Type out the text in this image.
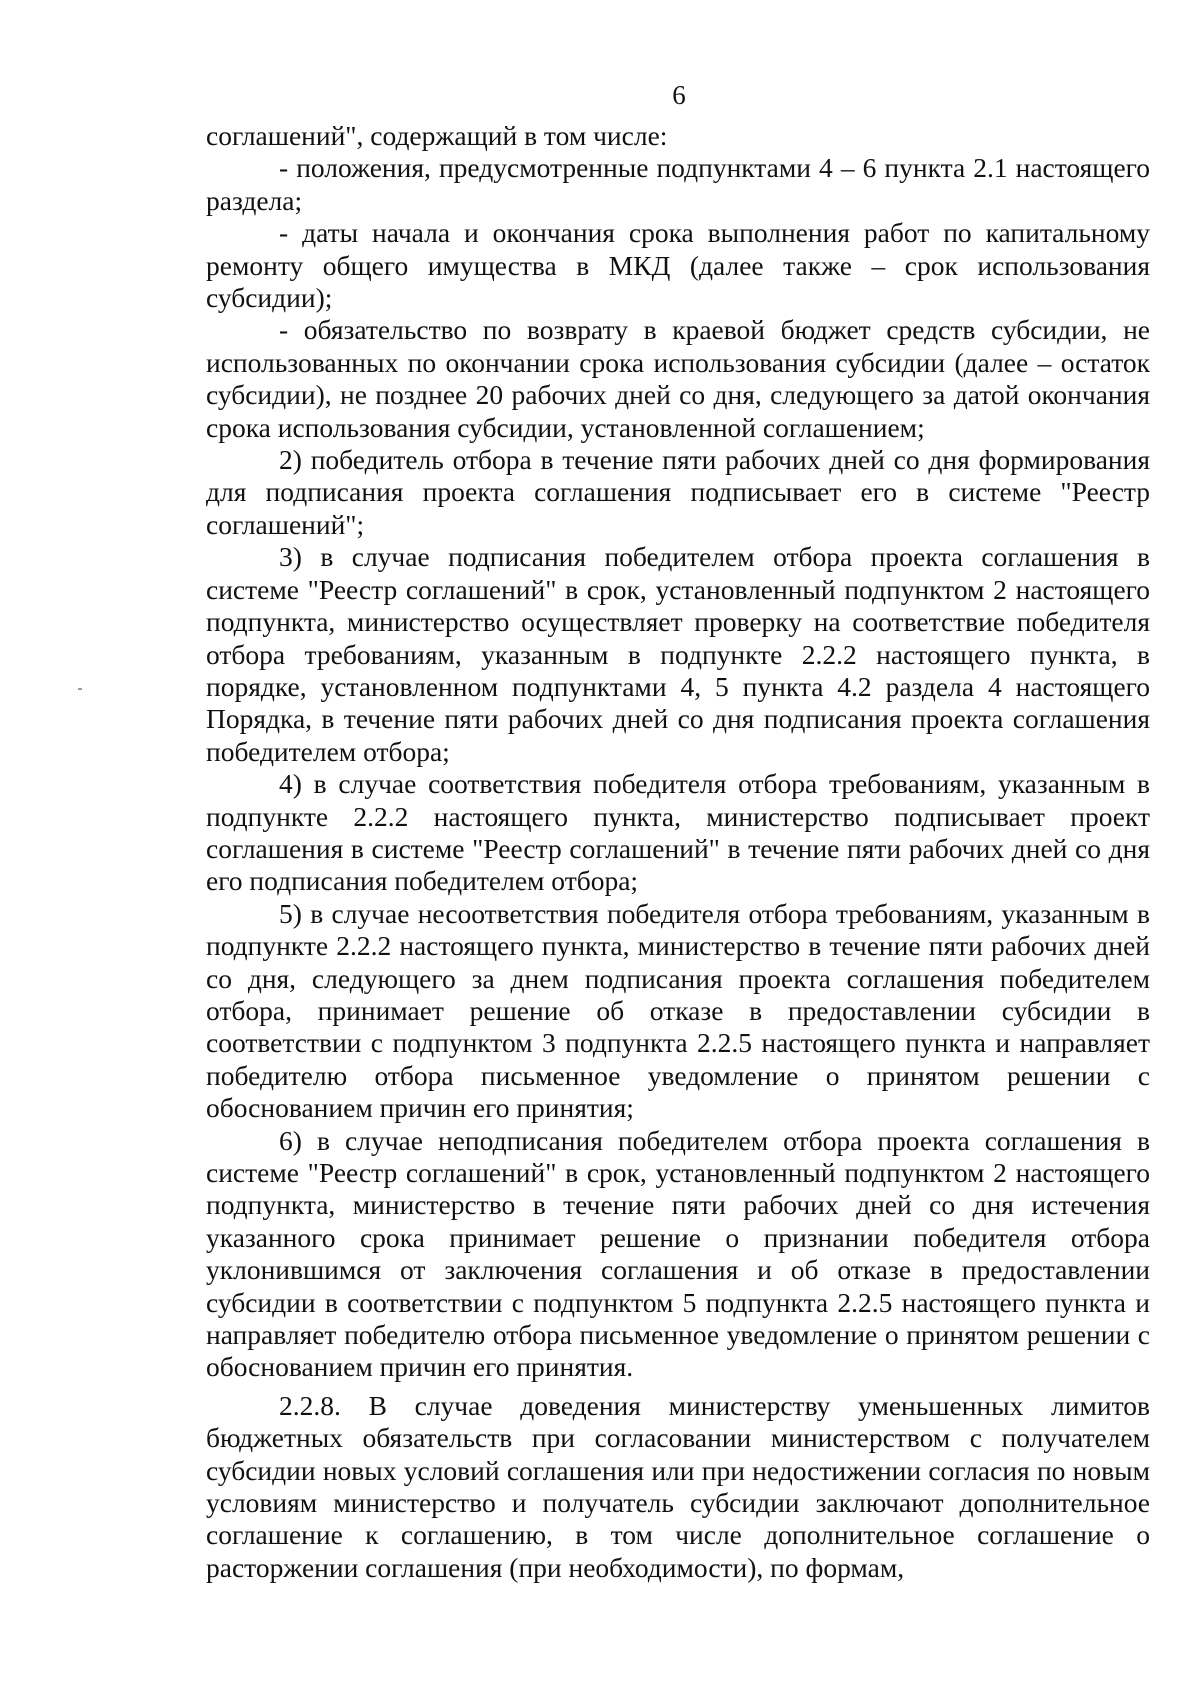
6

соглашений", содержащий в том числе:

- положения, предусмотренные подпунктами 4 – 6 пункта 2.1 настоящего раздела;

- даты начала и окончания срока выполнения работ по капитальному ремонту общего имущества в МКД (далее также – срок использования субсидии);

- обязательство по возврату в краевой бюджет средств субсидии, не использованных по окончании срока использования субсидии (далее – остаток субсидии), не позднее 20 рабочих дней со дня, следующего за датой окончания срока использования субсидии, установленной соглашением;

2) победитель отбора в течение пяти рабочих дней со дня формирования для подписания проекта соглашения подписывает его в системе "Реестр соглашений";

3) в случае подписания победителем отбора проекта соглашения в системе "Реестр соглашений" в срок, установленный подпунктом 2 настоящего подпункта, министерство осуществляет проверку на соответствие победителя отбора требованиям, указанным в подпункте 2.2.2 настоящего пункта, в порядке, установленном подпунктами 4, 5 пункта 4.2 раздела 4 настоящего Порядка, в течение пяти рабочих дней со дня подписания проекта соглашения победителем отбора;

4) в случае соответствия победителя отбора требованиям, указанным в подпункте 2.2.2 настоящего пункта, министерство подписывает проект соглашения в системе "Реестр соглашений" в течение пяти рабочих дней со дня его подписания победителем отбора;

5) в случае несоответствия победителя отбора требованиям, указанным в подпункте 2.2.2 настоящего пункта, министерство в течение пяти рабочих дней со дня, следующего за днем подписания проекта соглашения победителем отбора, принимает решение об отказе в предоставлении субсидии в соответствии с подпунктом 3 подпункта 2.2.5 настоящего пункта и направляет победителю отбора письменное уведомление о принятом решении с обоснованием причин его принятия;

6) в случае неподписания победителем отбора проекта соглашения в системе "Реестр соглашений" в срок, установленный подпунктом 2 настоящего подпункта, министерство в течение пяти рабочих дней со дня истечения указанного срока принимает решение о признании победителя отбора уклонившимся от заключения соглашения и об отказе в предоставлении субсидии в соответствии с подпунктом 5 подпункта 2.2.5 настоящего пункта и направляет победителю отбора письменное уведомление о принятом решении с обоснованием причин его принятия.

2.2.8. В случае доведения министерству уменьшенных лимитов бюджетных обязательств при согласовании министерством с получателем субсидии новых условий соглашения или при недостижении согласия по новым условиям министерство и получатель субсидии заключают дополнительное соглашение к соглашению, в том числе дополнительное соглашение о расторжении соглашения (при необходимости), по формам,
